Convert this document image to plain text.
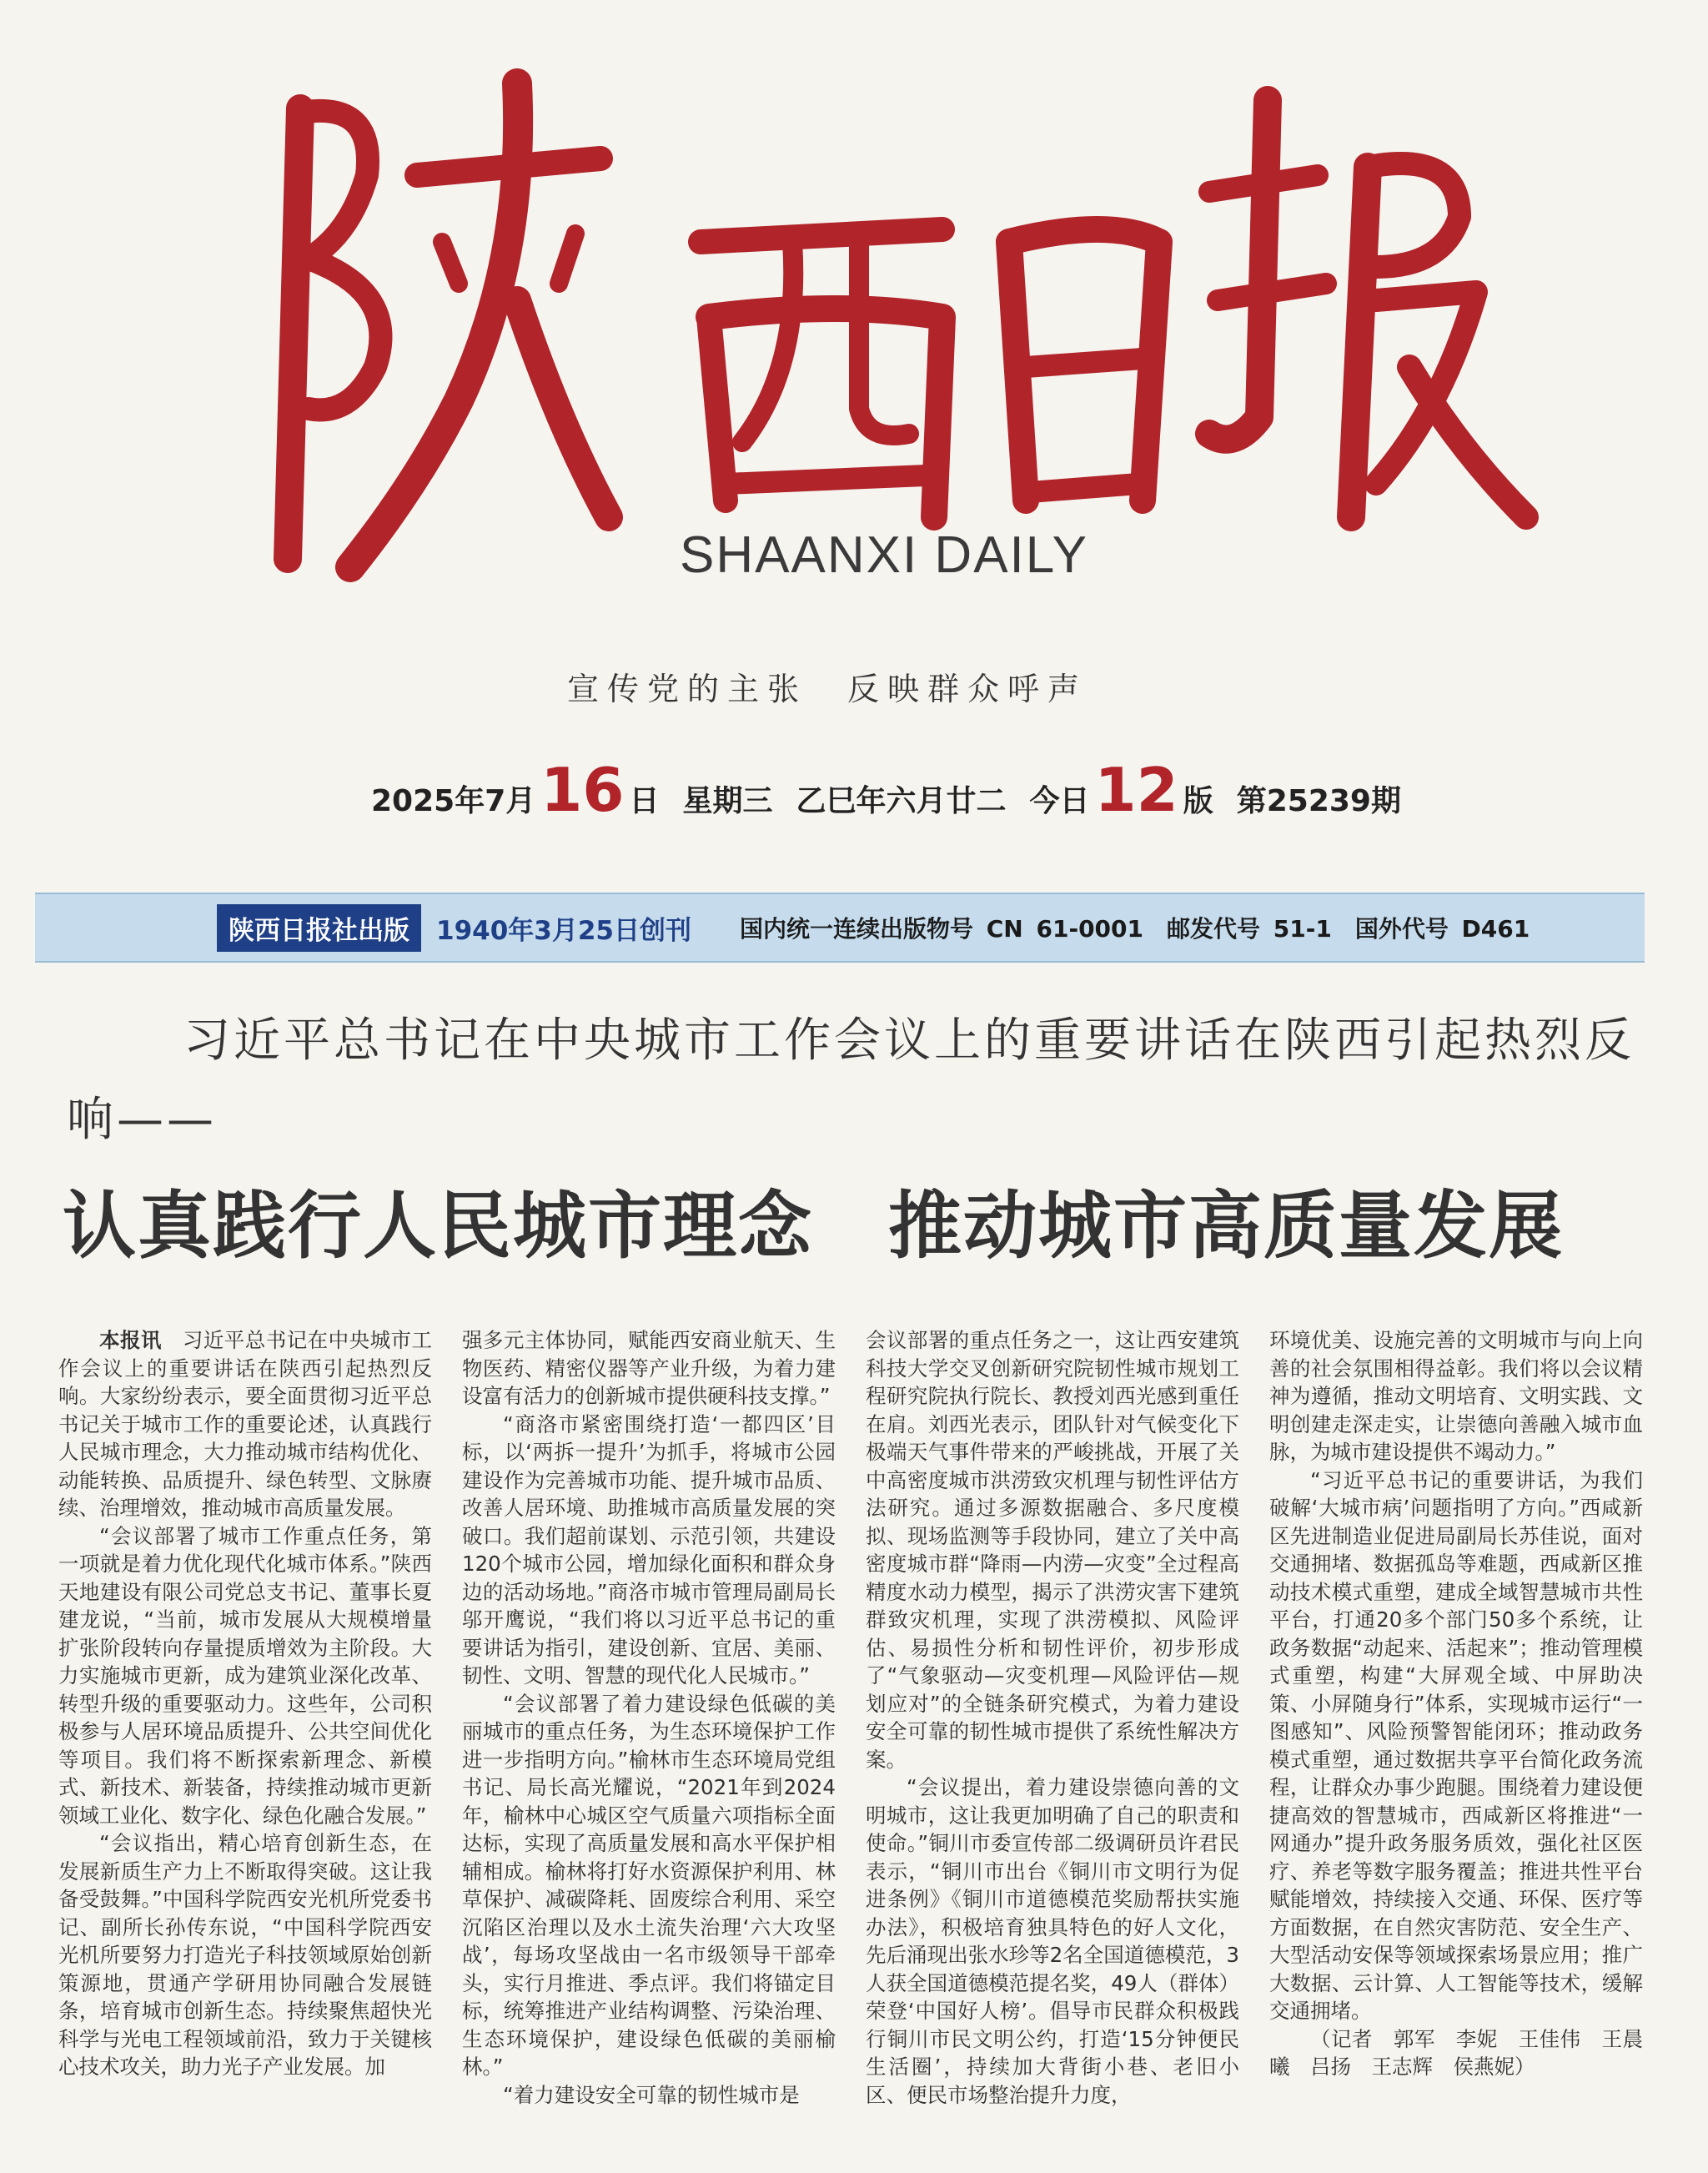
SHAANXI DAILY
宣传党的主张　反映群众呼声
2025年7月 16 日 星期三 乙巳年六月廿二 今日 12 版 第25239期
陕西日报社出版	1940年3月25日创刊 国内统一连续出版物号 CN 61-0001　邮发代号 51-1　国外代号 D461
习近平总书记在中央城市工作会议上的重要讲话在陕西引起热烈反响——
认真践行人民城市理念　推动城市高质量发展

本报讯　 习近平总书记在中央城市工作会议上的重要讲话在陕西引起热烈反响。大家纷纷表示，要全面贯彻习近平总书记关于城市工作的重要论述，认真践行人民城市理念，大力推动城市结构优化、动能转换、品质提升、绿色转型、文脉赓续、治理增效，推动城市高质量发展。

“会议部署了城市工作重点任务，第一项就是着力优化现代化城市体系。”陕西天地建设有限公司党总支书记、董事长夏建龙说，“当前，城市发展从大规模增量扩张阶段转向存量提质增效为主阶段。大力实施城市更新，成为建筑业深化改革、转型升级的重要驱动力。这些年，公司积极参与人居环境品质提升、公共空间优化等项目。我们将不断探索新理念、新模式、新技术、新装备，持续推动城市更新领域工业化、数字化、绿色化融合发展。”

“会议指出，精心培育创新生态，在发展新质生产力上不断取得突破。这让我备受鼓舞。”中国科学院西安光机所党委书记、副所长孙传东说，“中国科学院西安光机所要努力打造光子科技领域原始创新策源地，贯通产学研用协同融合发展链条，培育城市创新生态。持续聚焦超快光科学与光电工程领域前沿，致力于关键核心技术攻关，助力光子产业发展。加

强多元主体协同，赋能西安商业航天、生物医药、精密仪器等产业升级，为着力建设富有活力的创新城市提供硬科技支撑。”

“商洛市紧密围绕打造‘一都四区’目标，以‘两拆一提升’为抓手，将城市公园建设作为完善城市功能、提升城市品质、改善人居环境、助推城市高质量发展的突破口。我们超前谋划、示范引领，共建设120个城市公园，增加绿化面积和群众身边的活动场地。”商洛市城市管理局副局长邬开鹰说，“我们将以习近平总书记的重要讲话为指引，建设创新、宜居、美丽、韧性、文明、智慧的现代化人民城市。”

“会议部署了着力建设绿色低碳的美丽城市的重点任务，为生态环境保护工作进一步指明方向。”榆林市生态环境局党组书记、局长高光耀说，“2021年到2024年，榆林中心城区空气质量六项指标全面达标，实现了高质量发展和高水平保护相辅相成。榆林将打好水资源保护利用、林草保护、减碳降耗、固废综合利用、采空沉陷区治理以及水土流失治理‘六大攻坚战’，每场攻坚战由一名市级领导干部牵头，实行月推进、季点评。我们将锚定目标，统筹推进产业结构调整、污染治理、生态环境保护，建设绿色低碳的美丽榆林。”

“着力建设安全可靠的韧性城市是

会议部署的重点任务之一，这让西安建筑科技大学交叉创新研究院韧性城市规划工程研究院执行院长、教授刘西光感到重任在肩。刘西光表示，团队针对气候变化下极端天气事件带来的严峻挑战，开展了关中高密度城市洪涝致灾机理与韧性评估方法研究。通过多源数据融合、多尺度模拟、现场监测等手段协同，建立了关中高密度城市群“降雨—内涝—灾变”全过程高精度水动力模型，揭示了洪涝灾害下建筑群致灾机理，实现了洪涝模拟、风险评估、易损性分析和韧性评价，初步形成了“气象驱动—灾变机理—风险评估—规划应对”的全链条研究模式，为着力建设安全可靠的韧性城市提供了系统性解决方案。

“会议提出，着力建设崇德向善的文明城市，这让我更加明确了自己的职责和使命。”铜川市委宣传部二级调研员许君民表示，“铜川市出台《铜川市文明行为促进条例》《铜川市道德模范奖励帮扶实施办法》，积极培育独具特色的好人文化，先后涌现出张水珍等2名全国道德模范，3人获全国道德模范提名奖，49人（群体）荣登‘中国好人榜’。倡导市民群众积极践行铜川市民文明公约，打造‘15分钟便民生活圈’，持续加大背街小巷、老旧小区、便民市场整治提升力度，

环境优美、设施完善的文明城市与向上向善的社会氛围相得益彰。我们将以会议精神为遵循，推动文明培育、文明实践、文明创建走深走实，让崇德向善融入城市血脉，为城市建设提供不竭动力。”

“习近平总书记的重要讲话，为我们破解‘大城市病’问题指明了方向。”西咸新区先进制造业促进局副局长苏佳说，面对交通拥堵、数据孤岛等难题，西咸新区推动技术模式重塑，建成全域智慧城市共性平台，打通20多个部门50多个系统，让政务数据“动起来、活起来”；推动管理模式重塑，构建“大屏观全域、中屏助决策、小屏随身行”体系，实现城市运行“一图感知”、风险预警智能闭环；推动政务模式重塑，通过数据共享平台简化政务流程，让群众办事少跑腿。围绕着力建设便捷高效的智慧城市，西咸新区将推进“一网通办”提升政务服务质效，强化社区医疗、养老等数字服务覆盖；推进共性平台赋能增效，持续接入交通、环保、医疗等方面数据，在自然灾害防范、安全生产、大型活动安保等领域探索场景应用；推广大数据、云计算、人工智能等技术，缓解交通拥堵。

（记者　郭军　李妮　王佳伟　王晨曦　吕扬　王志辉　侯燕妮）
